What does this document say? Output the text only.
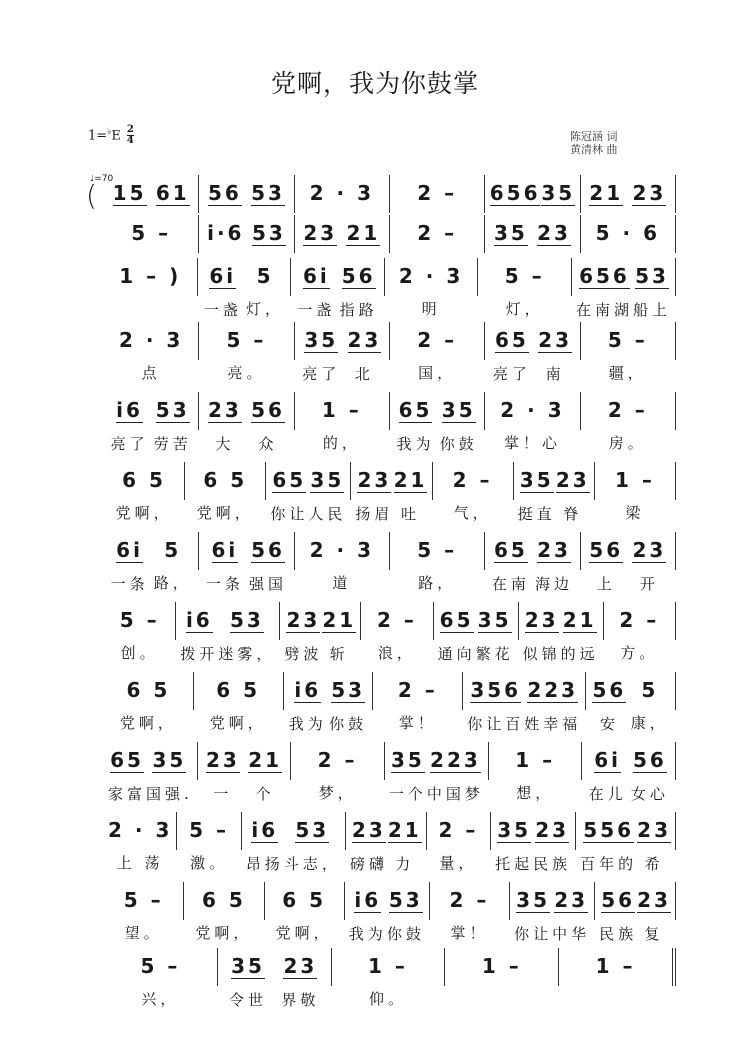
党啊，我为你鼓掌
$1=^♭E \frac{2}{4}$	陈冠涵 词
黄清林 曲
♩=70
15 61 56 53 2 · 3 2 – 656 35 21 23
(
5 – i·6 53 23 21 2 – 35 23 5 · 6
1 – ) 6i
一盏
5
灯，
6i
一盏
56
指路
2 · 3
明
5 –
灯，
656
在南湖
53
船上
2 · 3
点
5 –
亮。
35
亮了
23
北
2 –
国，
65
亮了
23
南
5 –
疆，
i6
亮了
53
劳苦
23
大
56
众
1 –
的，
65
我为
35
你鼓
2 · 3
掌！心
2 –
房。
6 5
党啊，
6 5
党啊，
65
你让
35
人民
23
扬眉
21
吐
2 –
气，
35
挺直
23
脊
1 –
梁
6i
一条
5
路，
6i
一条
56
强国
2 · 3
道
5 –
路，
65
在南
23
海边
56
上
23
开
5 –
创。
i6
拨开
53
迷雾，
23
劈波
21
斩
2 –
浪，
65
通向
35
繁花
23
似锦
21
的远
2 –
方。
6 5
党啊，
6 5
党啊，
i6
我为
53
你鼓
2 –
掌！
356
你让百
223
姓幸福
56
安
5
康，
65
家富
35
国强.
23
一
21
个
2 –
梦，
35
一个
223
中国梦
1 –
想，
6i
在儿
56
女心
2 · 3
上 荡
5 –
激。
i6
昂扬
53
斗志，
23
磅礴
21
力
2 –
量，
35
托起
23
民族
556
百年的
23
希
5 –
望。
6 5
党啊，
6 5
党啊，
i6
我为
53
你鼓
2 –
掌！
35
你让
23
中华
56
民族
23
复
5 –
兴，
35
令世
23
界敬
1 –
仰。
1 –	1 –
